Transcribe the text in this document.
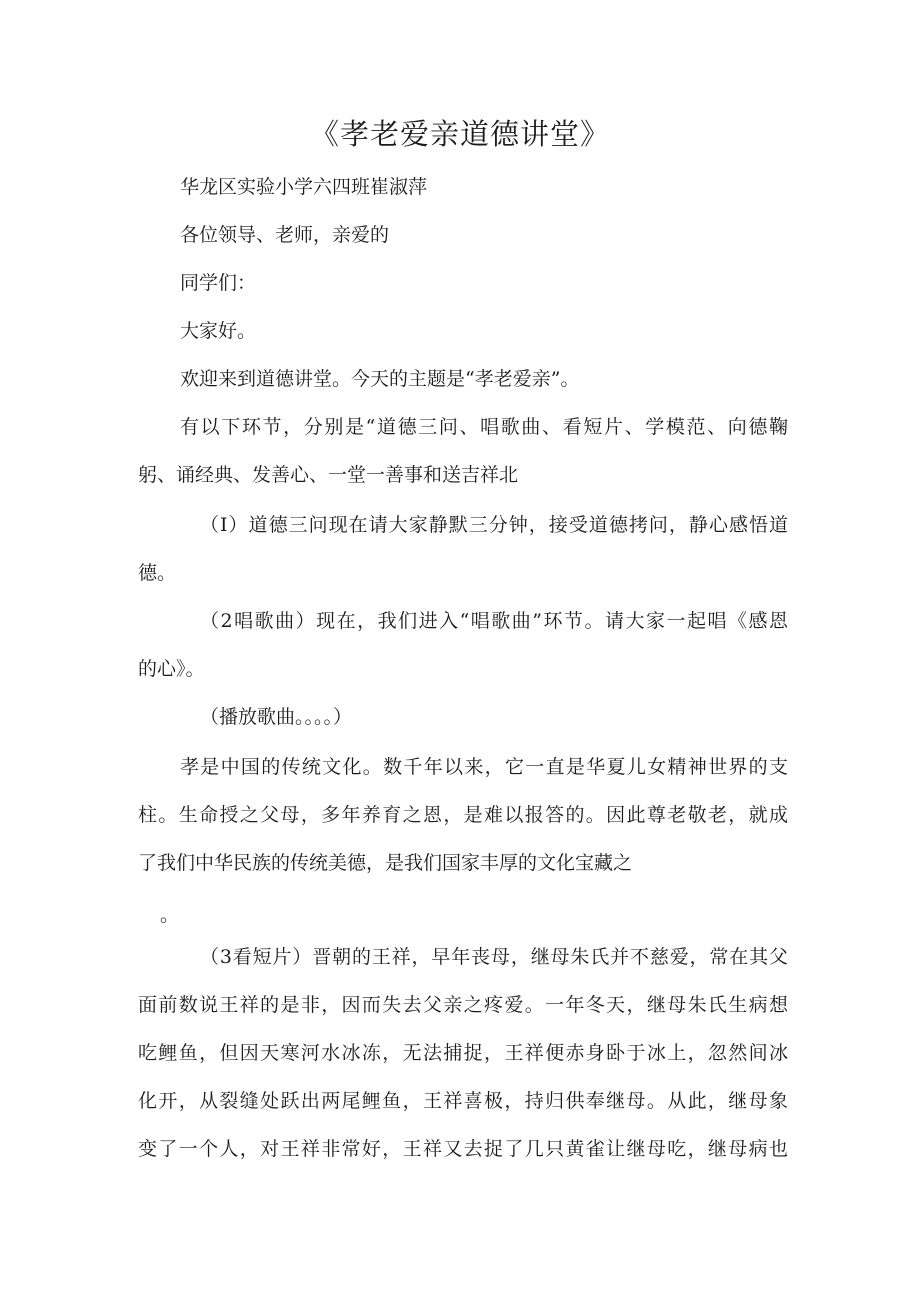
《孝老爱亲道德讲堂》

华龙区实验小学六四班崔淑萍

各位领导、老师，亲爱的

同学们：

大家好。

欢迎来到道德讲堂。今天的主题是“孝老爱亲”。

有以下环节，分别是“道德三问、唱歌曲、看短片、学模范、向德鞠

躬、诵经典、发善心、一堂一善事和送吉祥北

（I）道德三问现在请大家静默三分钟，接受道德拷问，静心感悟道

德。

（2唱歌曲）现在，我们进入“唱歌曲”环节。请大家一起唱《感恩

的心》。

（播放歌曲。。。。）

孝是中国的传统文化。数千年以来，它一直是华夏儿女精神世界的支

柱。生命授之父母，多年养育之恩，是难以报答的。因此尊老敬老，就成

了我们中华民族的传统美德，是我们国家丰厚的文化宝藏之

。

（3看短片）晋朝的王祥，早年丧母，继母朱氏并不慈爱，常在其父

面前数说王祥的是非，因而失去父亲之疼爱。一年冬天，继母朱氏生病想

吃鲤鱼，但因天寒河水冰冻，无法捕捉，王祥便赤身卧于冰上，忽然间冰

化开，从裂缝处跃出两尾鲤鱼，王祥喜极，持归供奉继母。从此，继母象

变了一个人，对王祥非常好，王祥又去捉了几只黄雀让继母吃，继母病也
